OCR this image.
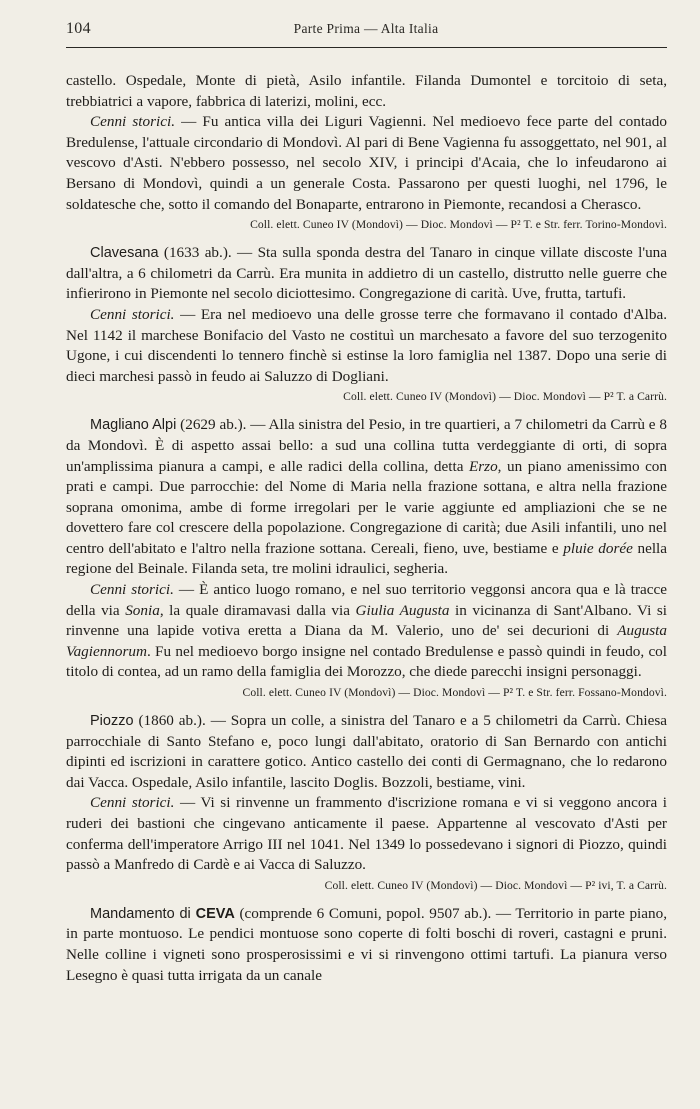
104	Parte Prima — Alta Italia

castello. Ospedale, Monte di pietà, Asilo infantile. Filanda Dumontel e torcitoio di seta, trebbiatrici a vapore, fabbrica di laterizi, molini, ecc.

Cenni storici. — Fu antica villa dei Liguri Vagienni. Nel medioevo fece parte del contado Bredulense, l'attuale circondario di Mondovì. Al pari di Bene Vagienna fu assoggettato, nel 901, al vescovo d'Asti. N'ebbero possesso, nel secolo XIV, i principi d'Acaia, che lo infeudarono ai Bersano di Mondovì, quindi a un generale Costa. Passarono per questi luoghi, nel 1796, le soldatesche che, sotto il comando del Bonaparte, entrarono in Piemonte, recandosi a Cherasco.

Coll. elett. Cuneo IV (Mondovì) — Dioc. Mondovì — P² T. e Str. ferr. Torino-Mondovì.

Clavesana (1633 ab.). — Sta sulla sponda destra del Tanaro in cinque villate discoste l'una dall'altra, a 6 chilometri da Carrù. Era munita in addietro di un castello, distrutto nelle guerre che infierirono in Piemonte nel secolo diciottesimo. Congregazione di carità. Uve, frutta, tartufi.

Cenni storici. — Era nel medioevo una delle grosse terre che formavano il contado d'Alba. Nel 1142 il marchese Bonifacio del Vasto ne costituì un marchesato a favore del suo terzogenito Ugone, i cui discendenti lo tennero finchè si estinse la loro famiglia nel 1387. Dopo una serie di dieci marchesi passò in feudo ai Saluzzo di Dogliani.

Coll. elett. Cuneo IV (Mondovì) — Dioc. Mondovì — P² T. a Carrù.

Magliano Alpi (2629 ab.). — Alla sinistra del Pesio, in tre quartieri, a 7 chilometri da Carrù e 8 da Mondovì. È di aspetto assai bello: a sud una collina tutta verdeggiante di orti, di sopra un'amplissima pianura a campi, e alle radici della collina, detta Erzo, un piano amenissimo con prati e campi. Due parrocchie: del Nome di Maria nella frazione sottana, e altra nella frazione soprana omonima, ambe di forme irregolari per le varie aggiunte ed ampliazioni che se ne dovettero fare col crescere della popolazione. Congregazione di carità; due Asili infantili, uno nel centro dell'abitato e l'altro nella frazione sottana. Cereali, fieno, uve, bestiame e pluie dorée nella regione del Beinale. Filanda seta, tre molini idraulici, segheria.

Cenni storici. — È antico luogo romano, e nel suo territorio veggonsi ancora qua e là tracce della via Sonia, la quale diramavasi dalla via Giulia Augusta in vicinanza di Sant'Albano. Vi si rinvenne una lapide votiva eretta a Diana da M. Valerio, uno de' sei decurioni di Augusta Vagiennorum. Fu nel medioevo borgo insigne nel contado Bredulense e passò quindi in feudo, col titolo di contea, ad un ramo della famiglia dei Morozzo, che diede parecchi insigni personaggi.

Coll. elett. Cuneo IV (Mondovì) — Dioc. Mondovì — P² T. e Str. ferr. Fossano-Mondovì.

Piozzo (1860 ab.). — Sopra un colle, a sinistra del Tanaro e a 5 chilometri da Carrù. Chiesa parrocchiale di Santo Stefano e, poco lungi dall'abitato, oratorio di San Bernardo con antichi dipinti ed iscrizioni in carattere gotico. Antico castello dei conti di Germagnano, che lo redarono dai Vacca. Ospedale, Asilo infantile, lascito Doglis. Bozzoli, bestiame, vini.

Cenni storici. — Vi si rinvenne un frammento d'iscrizione romana e vi si veggono ancora i ruderi dei bastioni che cingevano anticamente il paese. Appartenne al vescovato d'Asti per conferma dell'imperatore Arrigo III nel 1041. Nel 1349 lo possedevano i signori di Piozzo, quindi passò a Manfredo di Cardè e ai Vacca di Saluzzo.

Coll. elett. Cuneo IV (Mondovì) — Dioc. Mondovì — P² ivi, T. a Carrù.

Mandamento di CEVA (comprende 6 Comuni, popol. 9507 ab.). — Territorio in parte piano, in parte montuoso. Le pendici montuose sono coperte di folti boschi di roveri, castagni e pruni. Nelle colline i vigneti sono prosperosissimi e vi si rinvengono ottimi tartufi. La pianura verso Lesegno è quasi tutta irrigata da un canale
